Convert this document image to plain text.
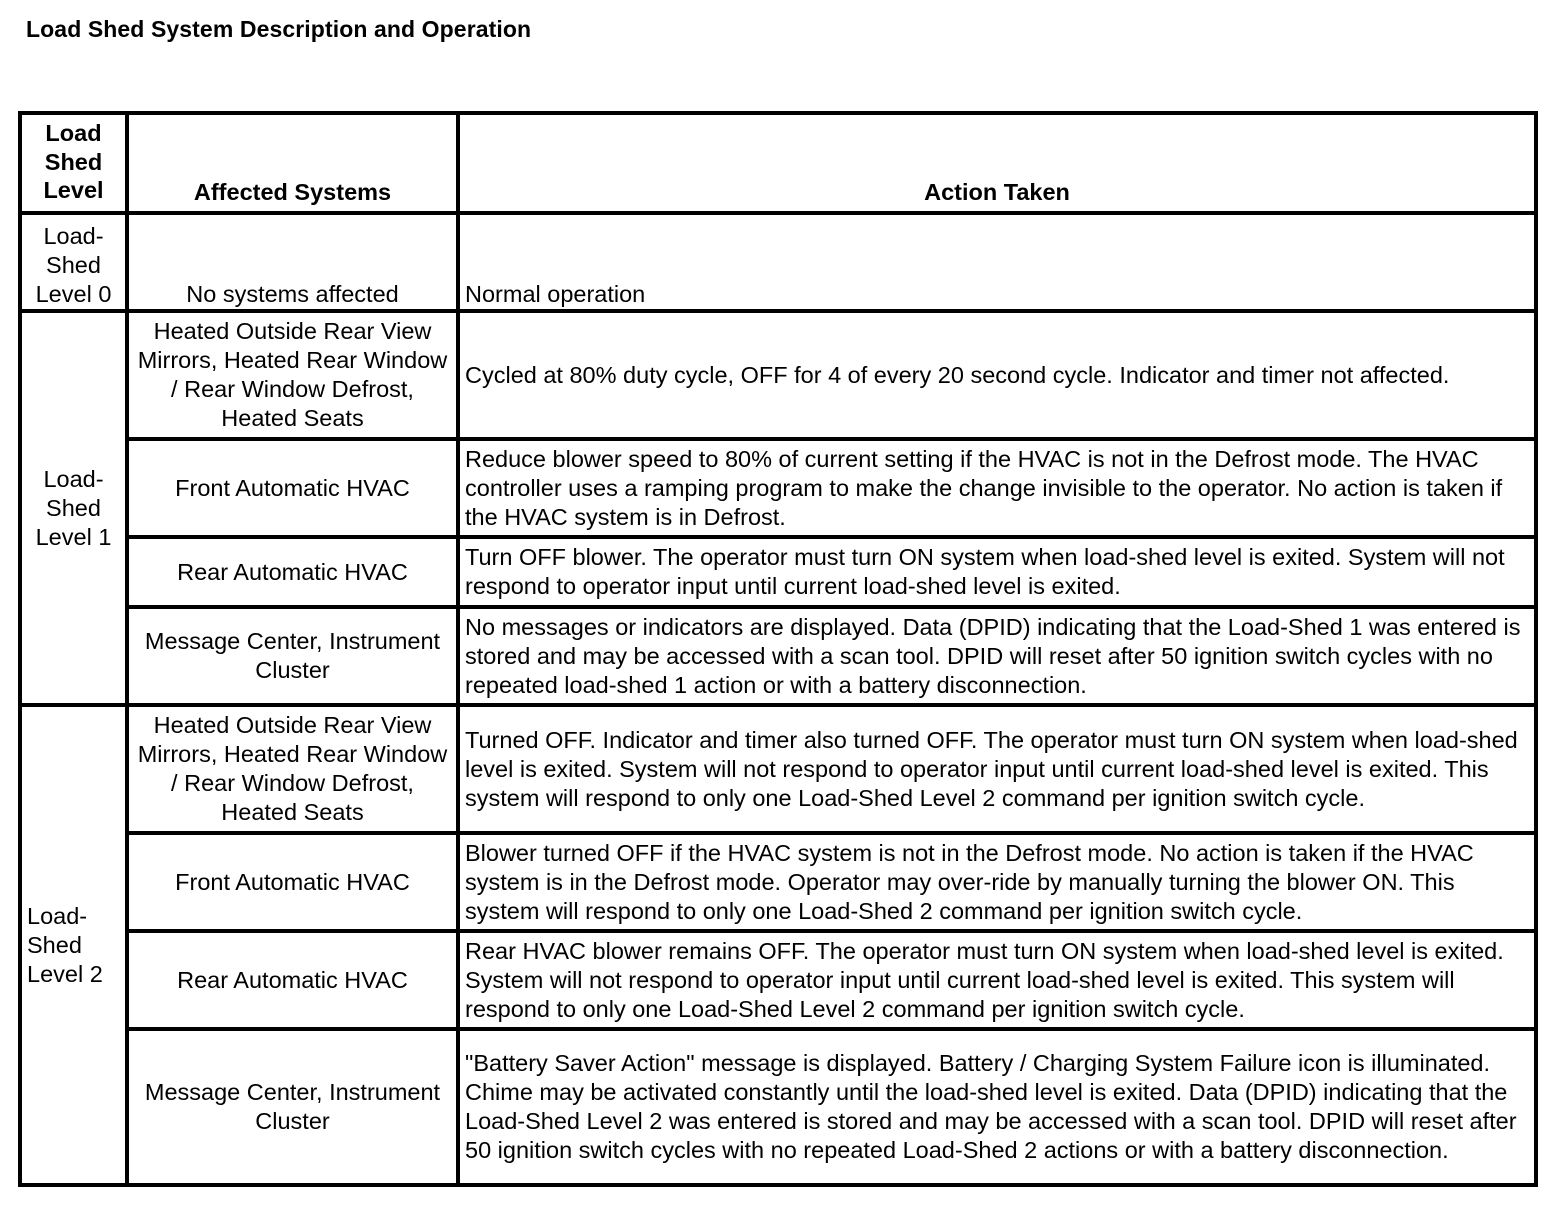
Load Shed System Description and Operation
Load Shed Level	Affected Systems	Action Taken
Load-Shed Level 0	No systems affected	Normal operation
Load-Shed Level 1	Heated Outside Rear View Mirrors, Heated Rear Window / Rear Window Defrost, Heated Seats	Cycled at 80% duty cycle, OFF for 4 of every 20 second cycle. Indicator and timer not affected.
	Front Automatic HVAC	Reduce blower speed to 80% of current setting if the HVAC is not in the Defrost mode. The HVAC controller uses a ramping program to make the change invisible to the operator. No action is taken if the HVAC system is in Defrost.
	Rear Automatic HVAC	Turn OFF blower. The operator must turn ON system when load-shed level is exited. System will not respond to operator input until current load-shed level is exited.
	Message Center, Instrument Cluster	No messages or indicators are displayed. Data (DPID) indicating that the Load-Shed 1 was entered is stored and may be accessed with a scan tool. DPID will reset after 50 ignition switch cycles with no repeated load-shed 1 action or with a battery disconnection.
Load-Shed Level 2	Heated Outside Rear View Mirrors, Heated Rear Window / Rear Window Defrost, Heated Seats	Turned OFF. Indicator and timer also turned OFF. The operator must turn ON system when load-shed level is exited. System will not respond to operator input until current load-shed level is exited. This system will respond to only one Load-Shed Level 2 command per ignition switch cycle.
	Front Automatic HVAC	Blower turned OFF if the HVAC system is not in the Defrost mode. No action is taken if the HVAC system is in the Defrost mode. Operator may over-ride by manually turning the blower ON. This system will respond to only one Load-Shed 2 command per ignition switch cycle.
	Rear Automatic HVAC	Rear HVAC blower remains OFF. The operator must turn ON system when load-shed level is exited. System will not respond to operator input until current load-shed level is exited. This system will respond to only one Load-Shed Level 2 command per ignition switch cycle.
	Message Center, Instrument Cluster	"Battery Saver Action" message is displayed. Battery / Charging System Failure icon is illuminated. Chime may be activated constantly until the load-shed level is exited. Data (DPID) indicating that the Load-Shed Level 2 was entered is stored and may be accessed with a scan tool. DPID will reset after 50 ignition switch cycles with no repeated Load-Shed 2 actions or with a battery disconnection.
